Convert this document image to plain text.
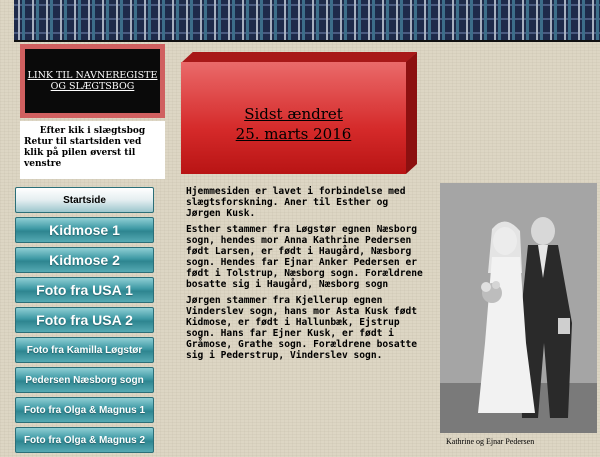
LINK TIL NAVNEREGISTE OG SLÆGTSBOG
Efter kik i slægtsbog
Retur til startsiden ved klik på pilen øverst til venstre
Sidst ændret
25. marts 2016
Startside
Kidmose 1
Kidmose 2
Foto fra USA 1
Foto fra USA 2
Foto fra Kamilla Løgstør
Pedersen Næsborg sogn
Foto fra Olga & Magnus 1
Foto fra Olga & Magnus 2

Hjemmesiden er lavet i forbindelse med slægtsforskning. Aner til Esther og Jørgen Kusk.

Esther stammer fra Løgstør egnen Næsborg sogn, hendes mor Anna Kathrine Pedersen født Larsen, er født i Haugård, Næsborg sogn. Hendes far Ejnar Anker Pedersen er født i Tolstrup, Næsborg sogn. Forældrene bosatte sig i Haugård, Næsborg sogn

Jørgen stammer fra Kjellerup egnen Vinderslev sogn, hans mor Asta Kusk født Kidmose, er født i Hallunbæk, Ejstrup sogn. Hans far Ejner Kusk, er født i Gråmose, Grathe sogn. Forældrene bosatte sig i Pederstrup, Vinderslev sogn.

Kathrine og Ejnar Pedersen
